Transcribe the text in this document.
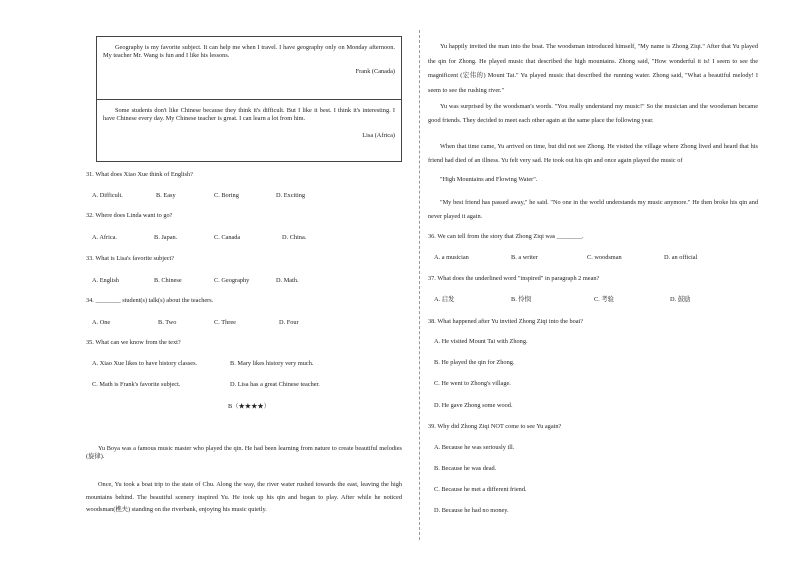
Geography is my favorite subject. It can help me when I travel. I have geography only on Monday afternoon. My teacher Mr. Wang is fun and I like his lessons.

Frank (Canada)

Some students don't like Chinese because they think it's difficult. But I like it best. I think it's interesting. I have Chinese every day. My Chinese teacher is great. I can learn a lot from him.

Lisa (Africa)

31. What does Xiao Xue think of English?
A. Difficult.	B. Easy	C. Boring	D. Exciting
32. Where does Linda want to go?
A. Africa.	B. Japan.	C. Canada	D. China.
33. What is Lisa's favorite subject?
A. English	B. Chinese	C. Geography	D. Math.
34. ________ student(s) talk(s) about the teachers.
A. One	B. Two	C. Three	D. Four
35. What can we know from the text?
A. Xiao Xue likes to have history classes.	B. Mary likes history very much.
C. Math is Frank's favorite subject.	D. Lisa has a great Chinese teacher.
B（★★★★）
Yu Boya was a famous music master who played the qin. He had been learning from nature to create beautiful melodies (旋律).
Once, Yu took a boat trip to the state of Chu. Along the way, the river water rushed towards the east, leaving the high mountains behind. The beautiful scenery inspired Yu. He took up his qin and began to play. After while he noticed woodsman(樵夫) standing on the riverbank, enjoying his music quietly.
Yu happily invited the man into the boat. The woodsman introduced himself, "My name is Zhong Ziqi." After that Yu played the qin for Zhong. He played music that described the high mountains. Zhong said, "How wonderful it is! I seem to see the magnificent (宏伟的) Mount Tai." Yu played music that described the running water. Zhong said, "What a beautiful melody! I seem to see the rushing river."
Yu was surprised by the woodsman's words. "You really understand my music!" So the musician and the woodsman became good friends. They decided to meet each other again at the same place the following year.
When that time came, Yu arrived on time, but did not see Zhong. He visited the village where Zhong lived and heard that his friend had died of an illness. Yu felt very sad. He took out his qin and once again played the music of
"High Mountains and Flowing Water".
"My best friend has passed away," he said. "No one in the world understands my music anymore." He then broke his qin and never played it again.
36. We can tell from the story that Zhong Ziqi was ________.
A. a musician	B. a writer	C. woodsman	D. an official
37. What does the underlined word "inspired" in paragraph 2 mean?
A. 启发	B. 怜悯	C. 考验	D. 鼓励
38. What happened after Yu invited Zhong Ziqi into the boat?
A. He visited Mount Tai with Zhong.
B. He played the qin for Zhong.
C. He went to Zhong's village.
D. He gave Zhong some wood.
39. Why did Zhong Ziqi NOT come to see Yu again?
A. Because he was seriously ill.
B. Because he was dead.
C. Because he met a different friend.
D. Because he had no money.
